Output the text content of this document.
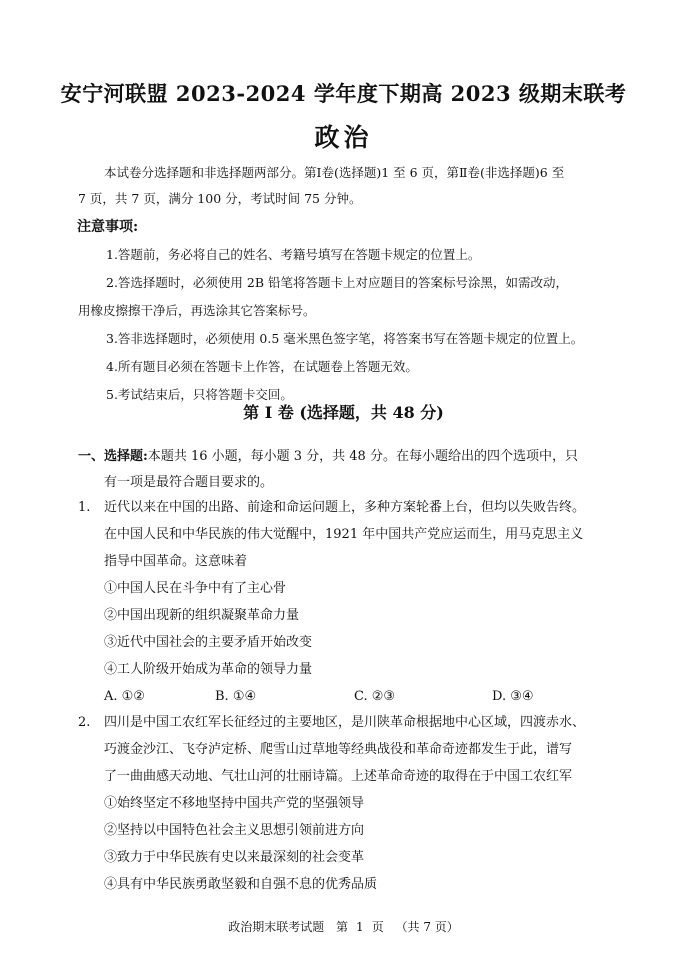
安宁河联盟 2023-2024 学年度下期高 2023 级期末联考
政治
本试卷分选择题和非选择题两部分。第Ⅰ卷(选择题)1 至 6 页，第Ⅱ卷(非选择题)6 至
7 页，共 7 页，满分 100 分，考试时间 75 分钟。
注意事项:
1.答题前，务必将自己的姓名、考籍号填写在答题卡规定的位置上。
2.答选择题时，必须使用 2B 铅笔将答题卡上对应题目的答案标号涂黑，如需改动，
用橡皮擦擦干净后，再选涂其它答案标号。
3.答非选择题时，必须使用 0.5 毫米黑色签字笔，将答案书写在答题卡规定的位置上。
4.所有题目必须在答题卡上作答，在试题卷上答题无效。
5.考试结束后，只将答题卡交回。
第 I 卷 (选择题，共 48 分)
一、选择题:本题共 16 小题，每小题 3 分，共 48 分。在每小题给出的四个选项中，只
有一项是最符合题目要求的。
1. 近代以来在中国的出路、前途和命运问题上，多种方案轮番上台，但均以失败告终。
在中国人民和中华民族的伟大觉醒中，1921 年中国共产党应运而生，用马克思主义
指导中国革命。这意味着
①中国人民在斗争中有了主心骨
②中国出现新的组织凝聚革命力量
③近代中国社会的主要矛盾开始改变
④工人阶级开始成为革命的领导力量
A. ①②	B. ①④	C. ②③	D. ③④
2. 四川是中国工农红军长征经过的主要地区，是川陕革命根据地中心区域，四渡赤水、
巧渡金沙江、飞夺泸定桥、爬雪山过草地等经典战役和革命奇迹都发生于此，谱写
了一曲曲感天动地、气壮山河的壮丽诗篇。上述革命奇迹的取得在于中国工农红军
①始终坚定不移地坚持中国共产党的坚强领导
②坚持以中国特色社会主义思想引领前进方向
③致力于中华民族有史以来最深刻的社会变革
④具有中华民族勇敢坚毅和自强不息的优秀品质
政治期末联考试题 第 1 页 （共 7 页）
